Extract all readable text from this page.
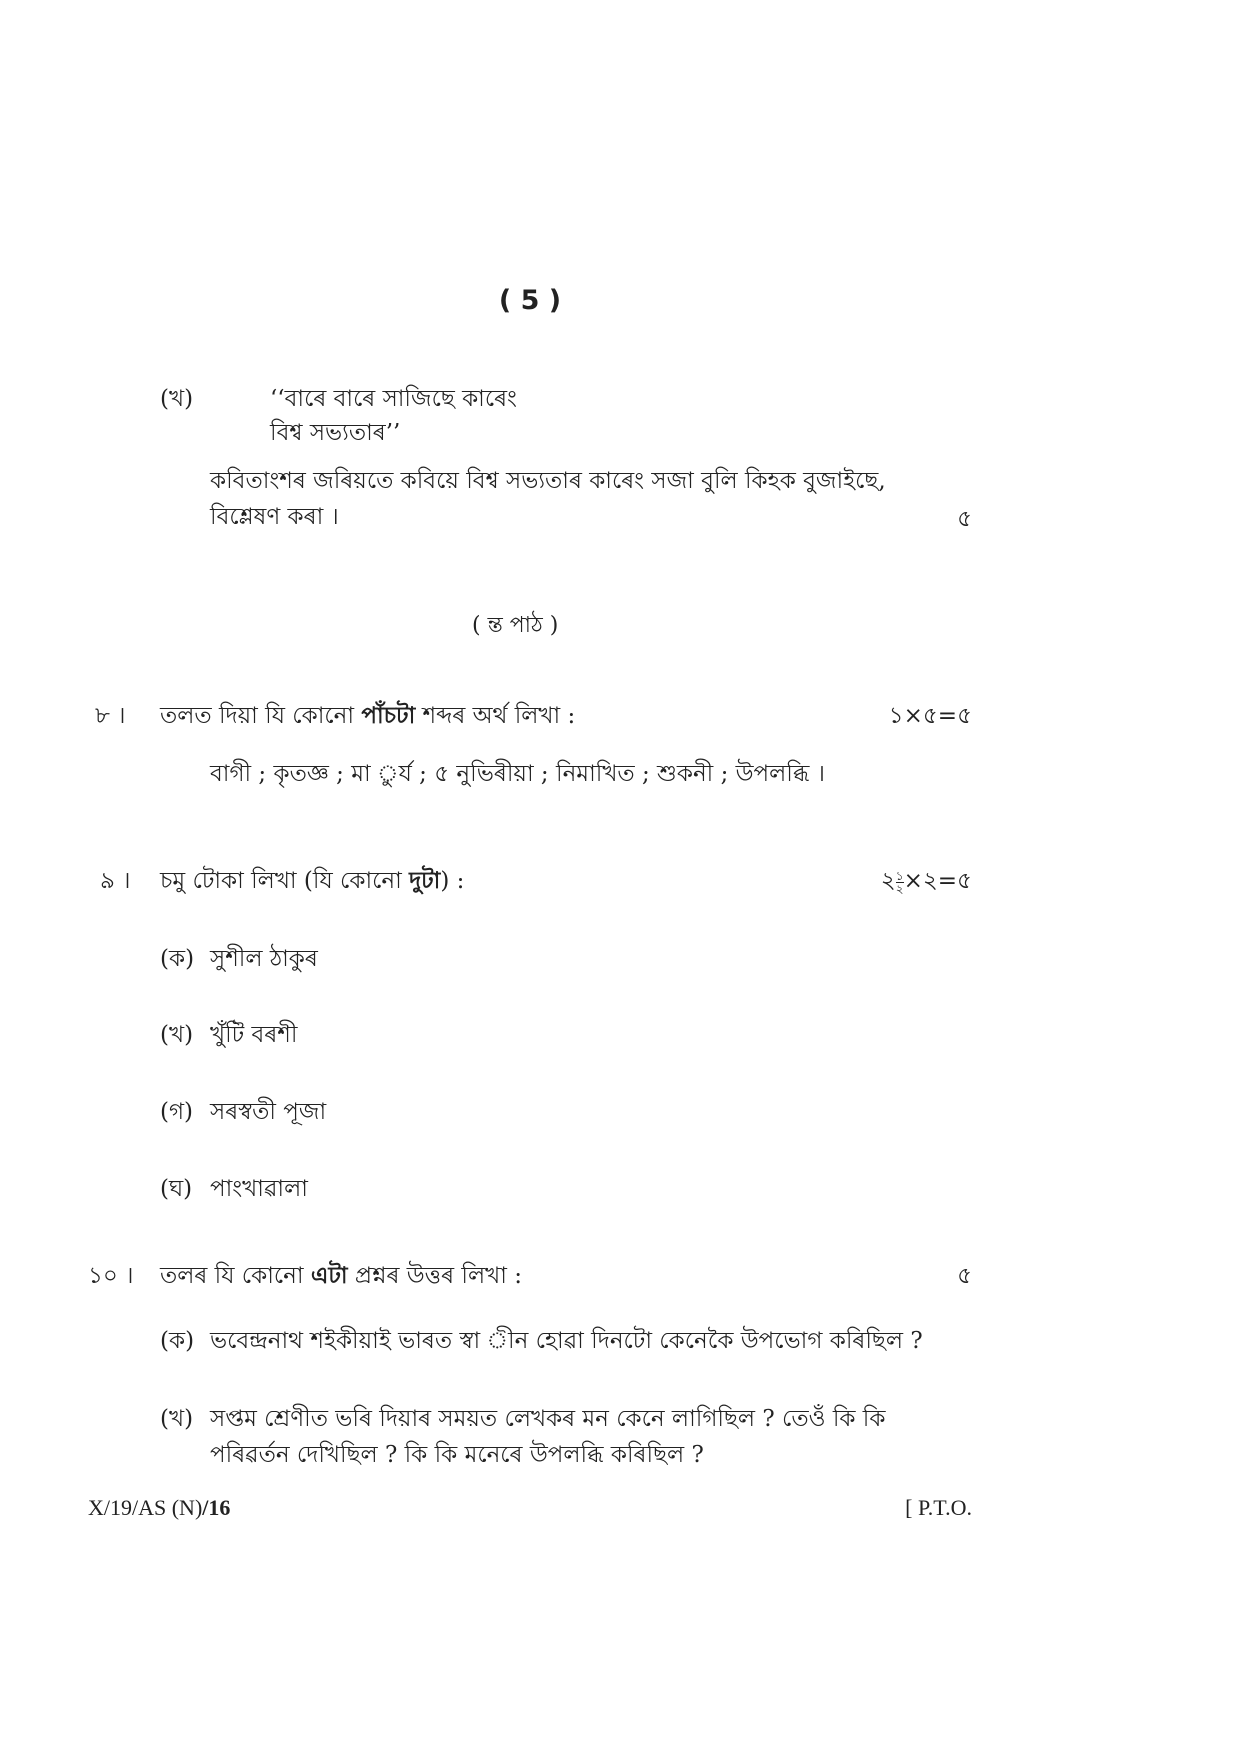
( 5 )
(খ)	‘‘বাৰে বাৰে সাজিছে কাৰেং
বিশ্ব সভ্যতাৰ’’
কবিতাংশৰ জৰিয়তে কবিয়ে বিশ্ব সভ্যতাৰ কাৰেং সজা বুলি কিহক বুজাইছে,
বিশ্লেষণ কৰা ।	৫
( ন্ত পাঠ )
৮ । তলত দিয়া যি কোনো পাঁচটা শব্দৰ অৰ্থ লিখা :	১×৫=৫
বাগী ; কৃতজ্ঞ ; মা ুৰ্য ; ৫ নুভিৰীয়া ; নিমাখিত ; শুকনী ; উপলব্ধি ।
৯ । চমু টোকা লিখা (যি কোনো দুটা) :	২ $\frac{১}{২}$ ×২=৫
(ক) সুশীল ঠাকুৰ
(খ) খুঁটি বৰশী
(গ) সৰস্বতী পূজা
(ঘ) পাংখাৱালা
১০ । তলৰ যি কোনো এটা প্ৰশ্নৰ উত্তৰ লিখা :	৫
(ক) ভবেন্দ্ৰনাথ শইকীয়াই ভাৰত স্বা ীন হোৱা দিনটো কেনেকৈ উপভোগ কৰিছিল ?
(খ) সপ্তম শ্ৰেণীত ভৰি দিয়াৰ সময়ত লেখকৰ মন কেনে লাগিছিল ? তেওঁ কি কি
পৰিৱৰ্তন দেখিছিল ? কি কি মনেৰে উপলব্ধি কৰিছিল ?
X/19/AS (N)/16	[ P.T.O.
